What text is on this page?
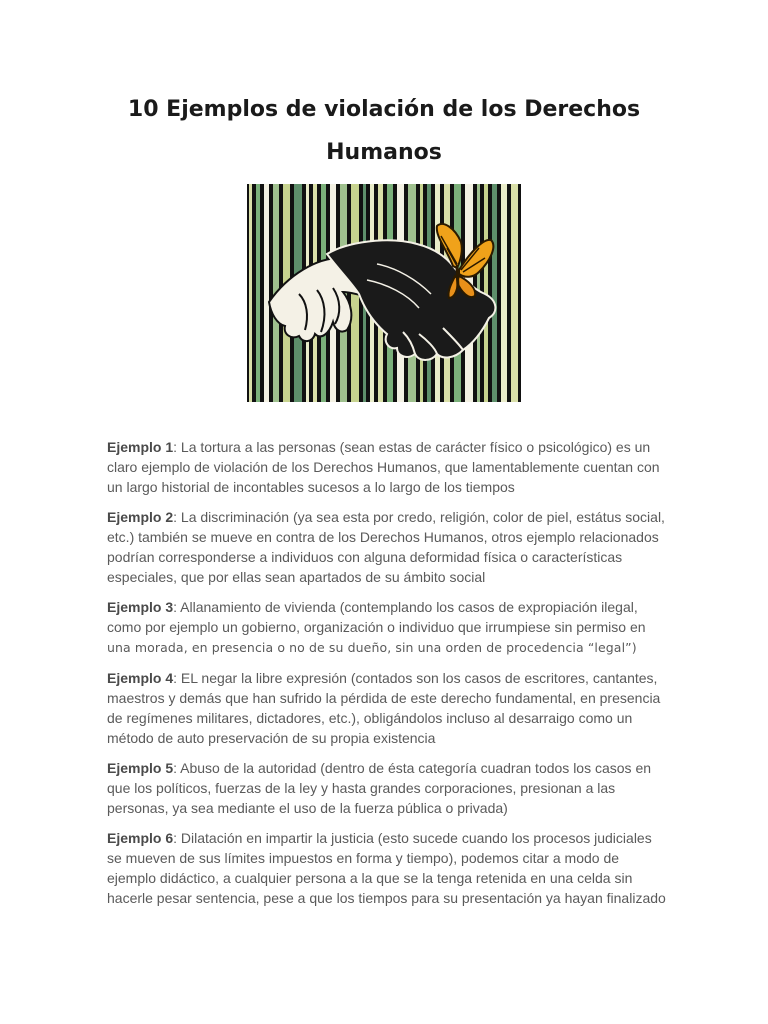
10 Ejemplos de violación de los Derechos Humanos

Ejemplo 1: La tortura a las personas (sean estas de carácter físico o psicológico) es un claro ejemplo de violación de los Derechos Humanos, que lamentablemente cuentan con un largo historial de incontables sucesos a lo largo de los tiempos

Ejemplo 2: La discriminación (ya sea esta por credo, religión, color de piel, estátus social, etc.) también se mueve en contra de los Derechos Humanos, otros ejemplo relacionados podrían corresponderse a individuos con alguna deformidad física o características especiales, que por ellas sean apartados de su ámbito social

Ejemplo 3: Allanamiento de vivienda (contemplando los casos de expropiación ilegal, como por ejemplo un gobierno, organización o individuo que irrumpiese sin permiso en una morada, en presencia o no de su dueño, sin una orden de procedencia “legal”)

Ejemplo 4: EL negar la libre expresión (contados son los casos de escritores, cantantes, maestros y demás que han sufrido la pérdida de este derecho fundamental, en presencia de regímenes militares, dictadores, etc.), obligándolos incluso al desarraigo como un método de auto preservación de su propia existencia

Ejemplo 5: Abuso de la autoridad (dentro de ésta categoría cuadran todos los casos en que los políticos, fuerzas de la ley y hasta grandes corporaciones, presionan a las personas, ya sea mediante el uso de la fuerza pública o privada)

Ejemplo 6: Dilatación en impartir la justicia (esto sucede cuando los procesos judiciales se mueven de sus límites impuestos en forma y tiempo), podemos citar a modo de ejemplo didáctico, a cualquier persona a la que se la tenga retenida en una celda sin hacerle pesar sentencia, pese a que los tiempos para su presentación ya hayan finalizado
